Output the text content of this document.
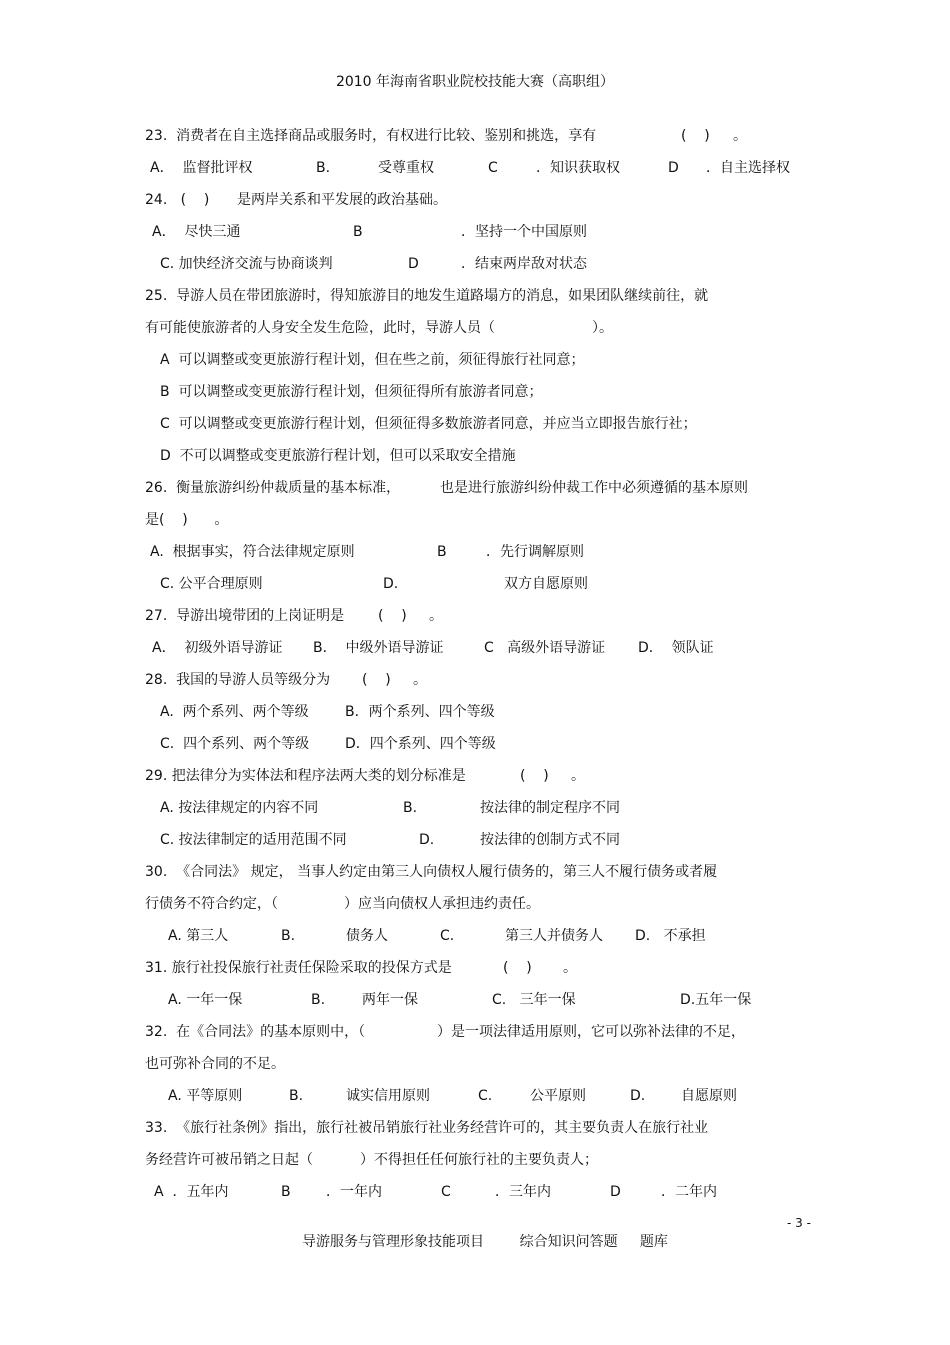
2010 年海南省职业院校技能大赛（高职组）
23.  消费者在自主选择商品或服务时，有权进行比较、鉴别和挑选，享有	(    ) 。
A．  监督批评权	B.	受尊重权	C	．知识获取权	D ．自主选择权
24.   (    ) 是两岸关系和平发展的政治基础。
A．  尽快三通	B	．坚持一个中国原则
C. 加快经济交流与协商谈判	D	．结束两岸敌对状态
25.  导游人员在带团旅游时，得知旅游目的地发生道路塌方的消息，如果团队继续前往，就
有可能使旅游者的人身安全发生危险，此时，导游人员（	）。
A  可以调整或变更旅游行程计划，但在些之前，须征得旅行社同意；
B  可以调整或变更旅游行程计划，但须征得所有旅游者同意；
C  可以调整或变更旅游行程计划，但须征得多数旅游者同意，并应当立即报告旅行社；
D  不可以调整或变更旅游行程计划，但可以采取安全措施
26.  衡量旅游纠纷仲裁质量的基本标准，	也是进行旅游纠纷仲裁工作中必须遵循的基本原则
是(    )      。
A.  根据事实，符合法律规定原则	B	．先行调解原则
C. 公平合理原则	D.	双方自愿原则
27.  导游出境带团的上岗证明是 (    ) 。
A．  初级外语导游证 B．  中级外语导游证	C   高级外语导游证 D．  领队证
28.  我国的导游人员等级分为 (    ) 。
A.  两个系列、两个等级	B．两个系列、四个等级
C.  四个系列、两个等级	D．四个系列、四个等级
29. 把法律分为实体法和程序法两大类的划分标准是	(    ) 。
A. 按法律规定的内容不同	B.	按法律的制定程序不同
C. 按法律制定的适用范围不同	D.	按法律的创制方式不同
30.  《合同法》 规定， 当事人约定由第三人向债权人履行债务的，第三人不履行债务或者履
行债务不符合约定，（	）应当向债权人承担违约责任。
A. 第三人	B.	债务人	C.	第三人并债务人 D.   不承担
31. 旅行社投保旅行社责任保险采取的投保方式是	(    ) 。
A. 一年一保	B.	两年一保	C.   三年一保	D.五年一保
32.  在《合同法》的基本原则中，（	）是一项法律适用原则，它可以弥补法律的不足，
也可弥补合同的不足。
A. 平等原则	B.	诚实信用原则	C.	公平原则	D.	自愿原则
33.  《旅行社条例》指出，旅行社被吊销旅行社业务经营许可的，其主要负责人在旅行社业
务经营许可被吊销之日起（	）不得担任任何旅行社的主要负责人；
A  ．五年内	B	．一年内	C	．三年内	D	．二年内
- 3 -
导游服务与管理形象技能项目        综合知识问答题     题库
